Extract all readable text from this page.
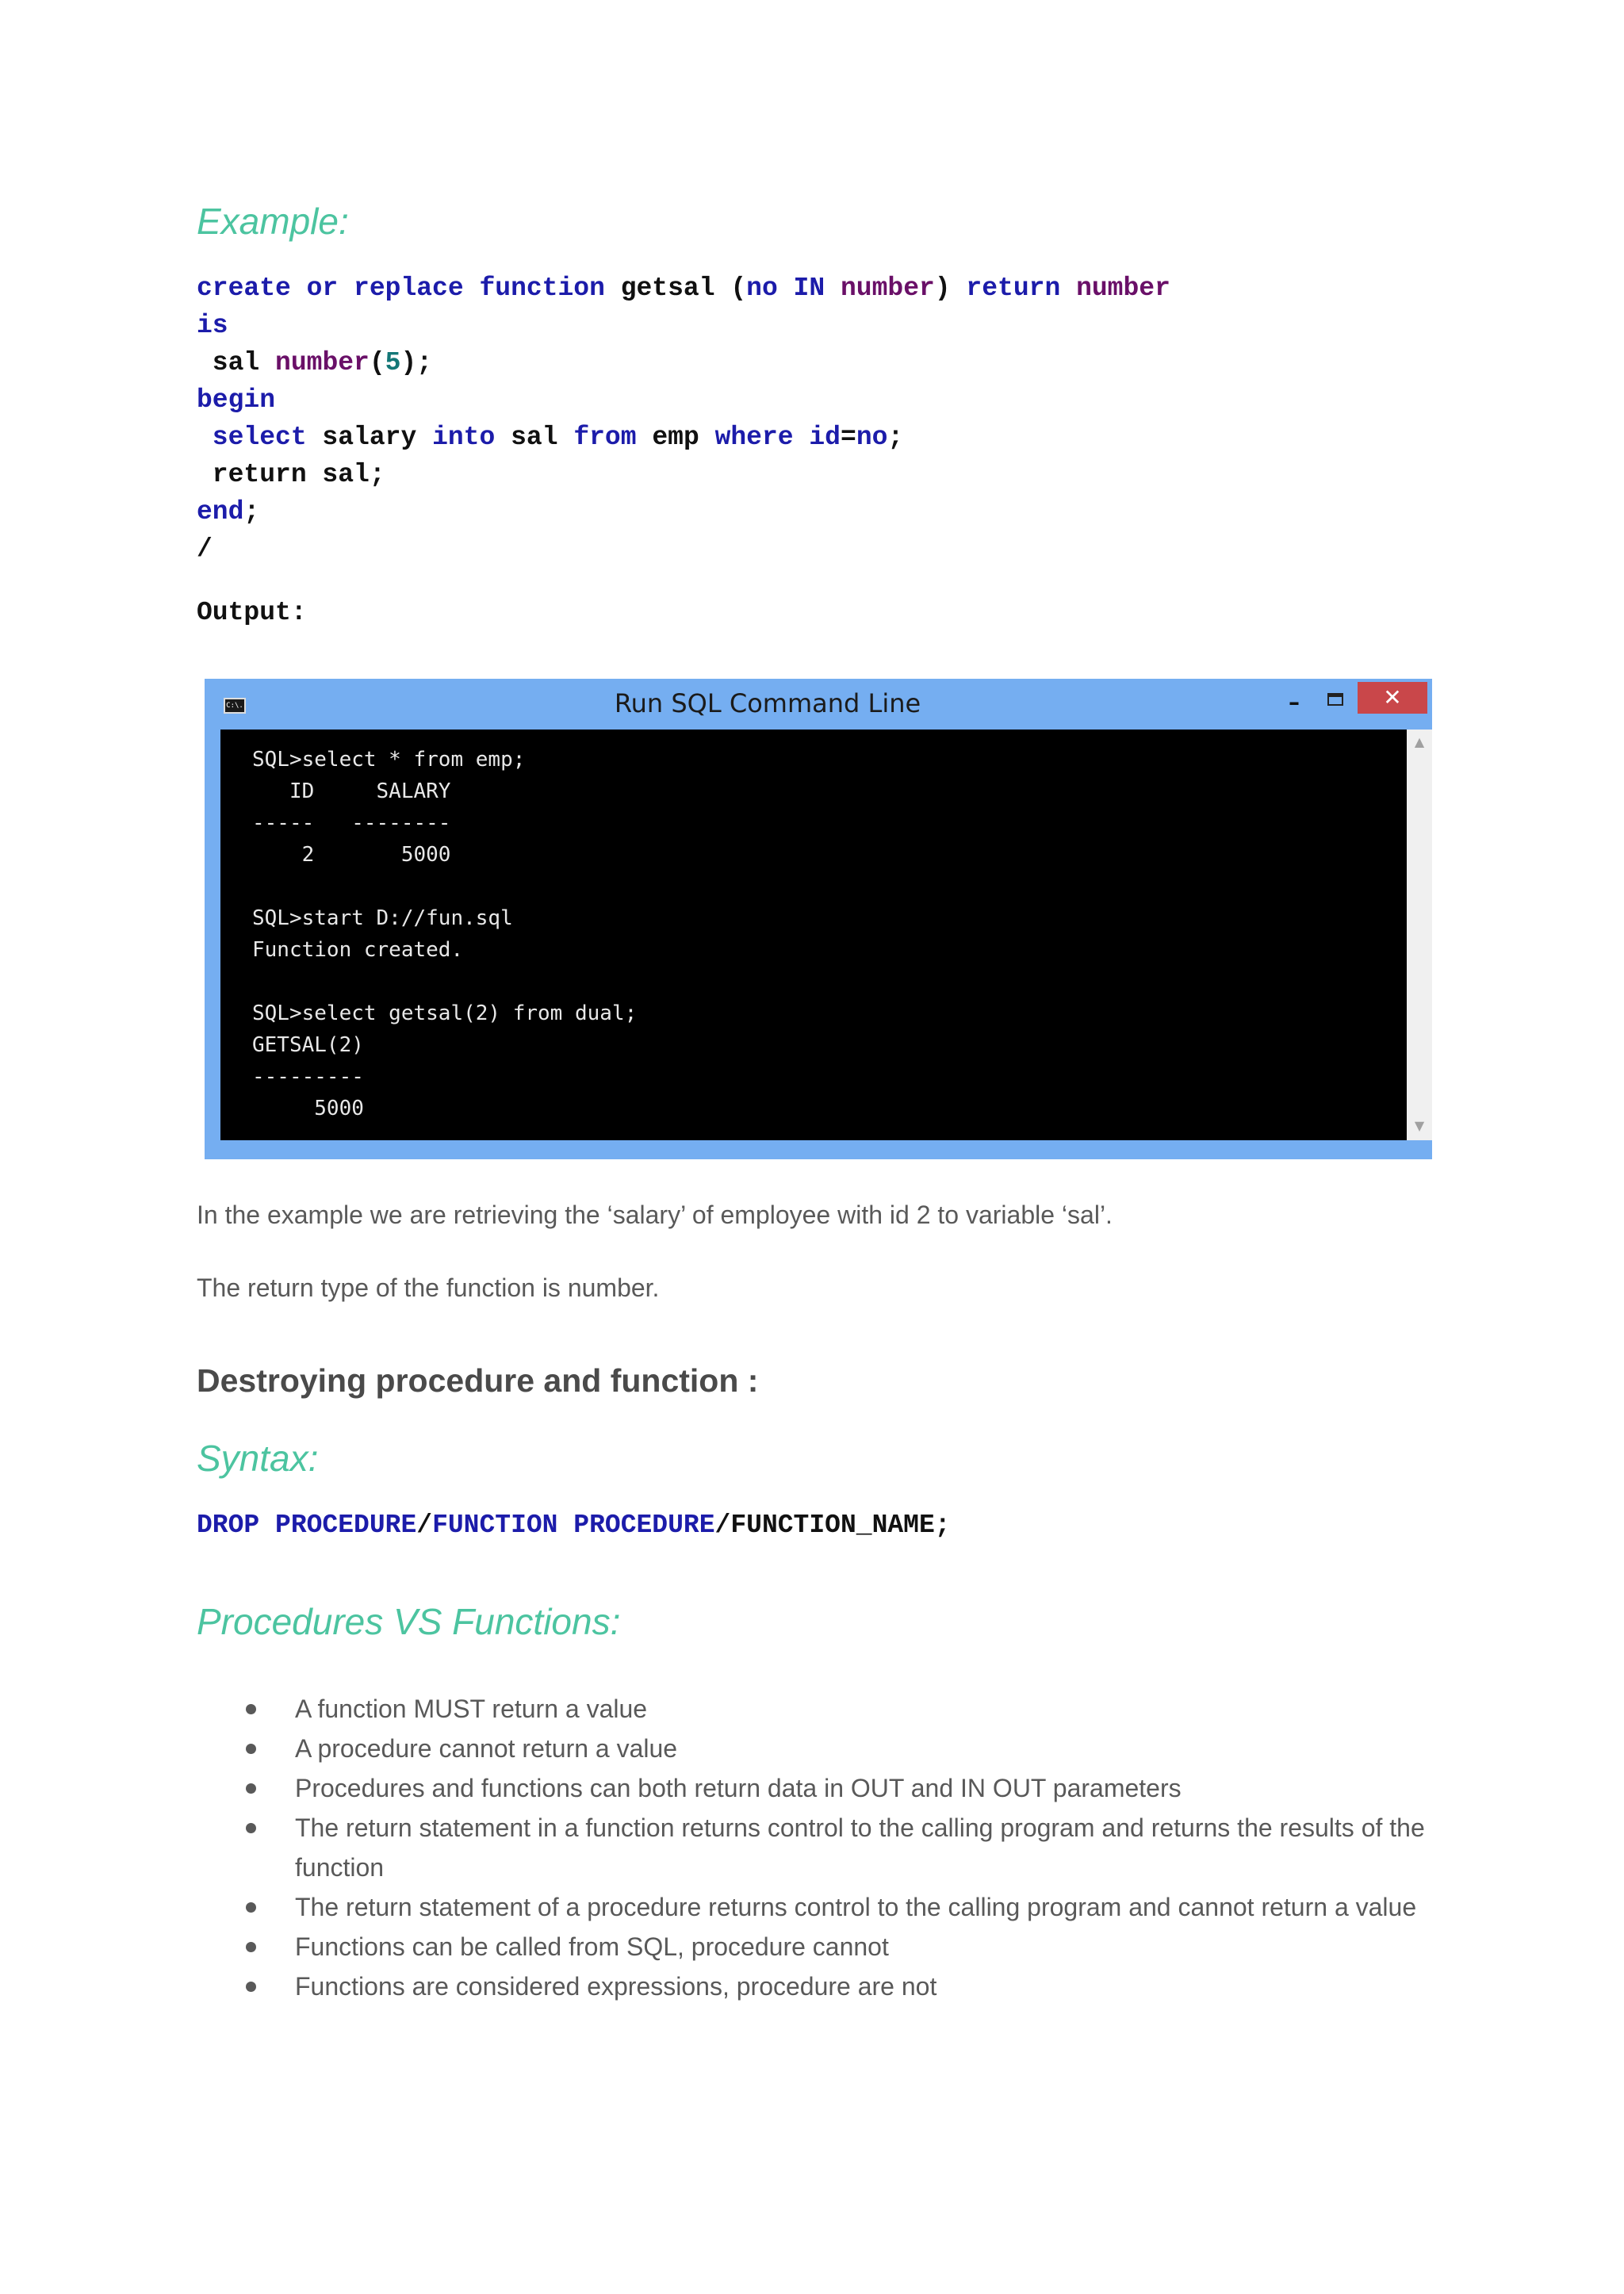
Example:
create or replace function getsal (no IN number) return number
is
sal number(5);
begin
select salary into sal from emp where id=no;
return sal;
end;
/
Output:
C:\.	Run SQL Command Line	–	✕
SQL>select * from emp;
ID     SALARY
-----   --------
2       5000
SQL>start D://fun.sql
Function created.
SQL>select getsal(2) from dual;
GETSAL(2)
---------
5000
▲
▼

In the example we are retrieving the ‘salary’ of employee with id 2 to variable ‘sal’.

The return type of the function is number.

Destroying procedure and function :
Syntax:
DROP PROCEDURE/FUNCTION PROCEDURE/FUNCTION_NAME;
Procedures VS Functions:
A function MUST return a value
A procedure cannot return a value
Procedures and functions can both return data in OUT and IN OUT parameters
The return statement in a function returns control to the calling program and returns the results of the function
The return statement of a procedure returns control to the calling program and cannot return a value
Functions can be called from SQL, procedure cannot
Functions are considered expressions, procedure are not
